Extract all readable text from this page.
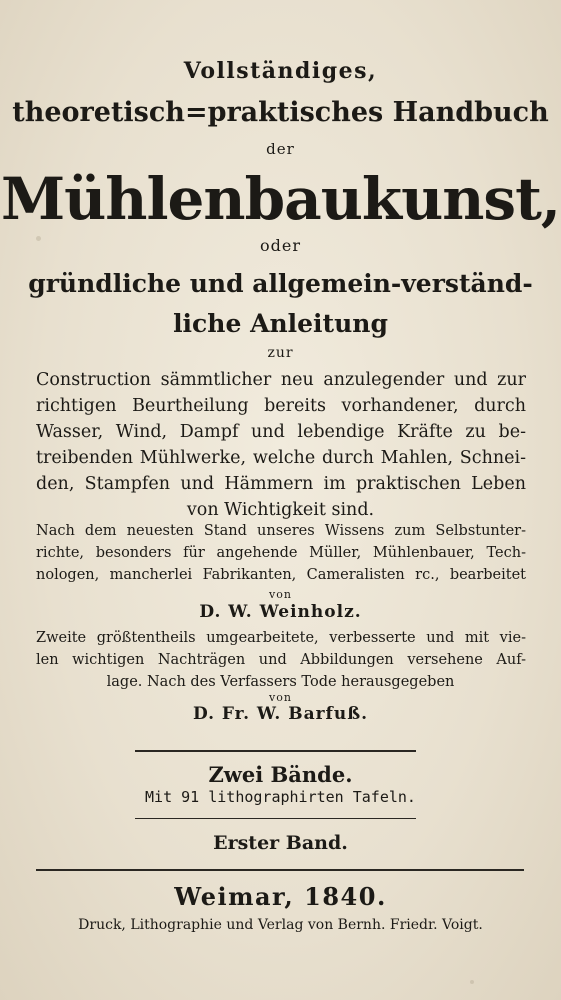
Vollständiges,
theoretisch=praktisches Handbuch
der
Mühlenbaukunst,
oder
gründliche und allgemein-verständ-
liche Anleitung
zur
Construction sämmtlicher neu anzulegender und zur
richtigen Beurtheilung bereits vorhandener, durch
Wasser, Wind, Dampf und lebendige Kräfte zu be-
treibenden Mühlwerke, welche durch Mahlen, Schnei-
den, Stampfen und Hämmern im praktischen Leben
von Wichtigkeit sind.
Nach dem neuesten Stand unseres Wissens zum Selbstunter-
richte, besonders für angehende Müller, Mühlenbauer, Tech-
nologen, mancherlei Fabrikanten, Cameralisten rc., bearbeitet
von
D. W. Weinholz.
Zweite größtentheils umgearbeitete, verbesserte und mit vie-
len wichtigen Nachträgen und Abbildungen versehene Auf-
lage. Nach des Verfassers Tode herausgegeben
von
D. Fr. W. Barfuß.
Zwei Bände.
Mit 91 lithographirten Tafeln.
Erster Band.
Weimar, 1840.
Druck, Lithographie und Verlag von Bernh. Friedr. Voigt.
